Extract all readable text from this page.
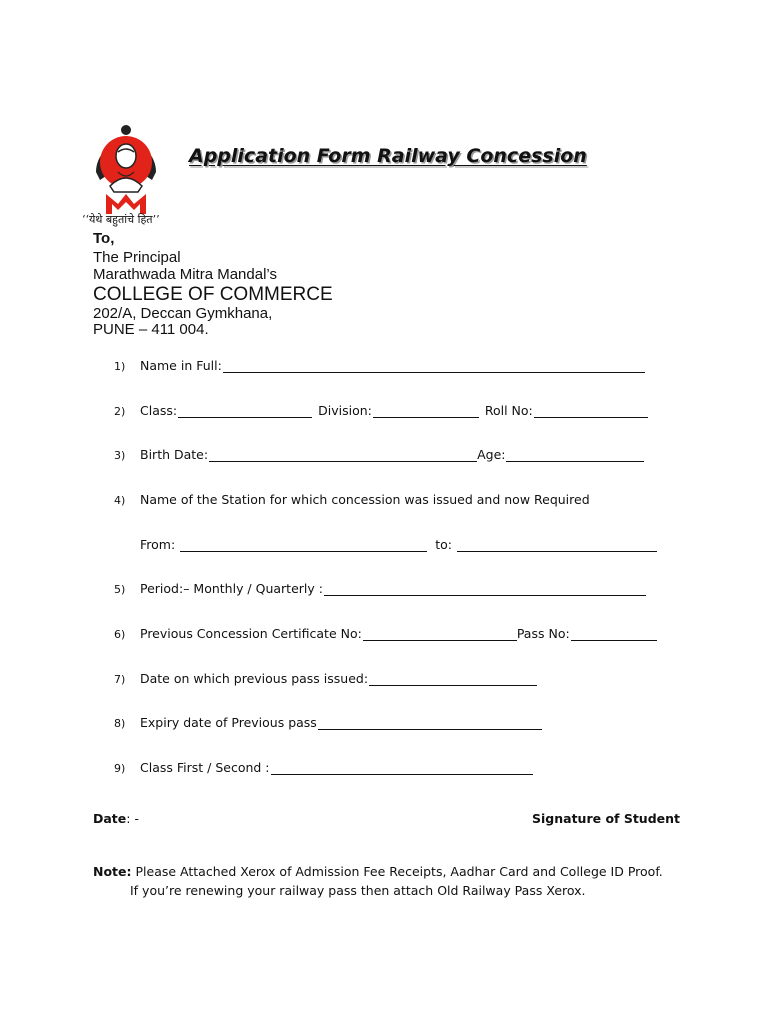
‘‘येथे बहुतांचे हित’’
Application Form Railway Concession
To,
The Principal
Marathwada Mitra Mandal’s
COLLEGE OF COMMERCE
202/A, Deccan Gymkhana,
PUNE – 411 004.
1)	Name in Full:
2)	Class:	Division:	Roll No:
3)	Birth Date:	Age:
4)	Name of the Station for which concession was issued and now Required
From:	to:
5)	Period:– Monthly / Quarterly :
6)	Previous Concession Certificate No:	Pass No:
7)	Date on which previous pass issued:
8)	Expiry date of Previous pass
9)	Class First / Second :
Date: -	Signature of Student
Note: Please Attached Xerox of Admission Fee Receipts, Aadhar Card and College ID Proof.
If you’re renewing your railway pass then attach Old Railway Pass Xerox.
